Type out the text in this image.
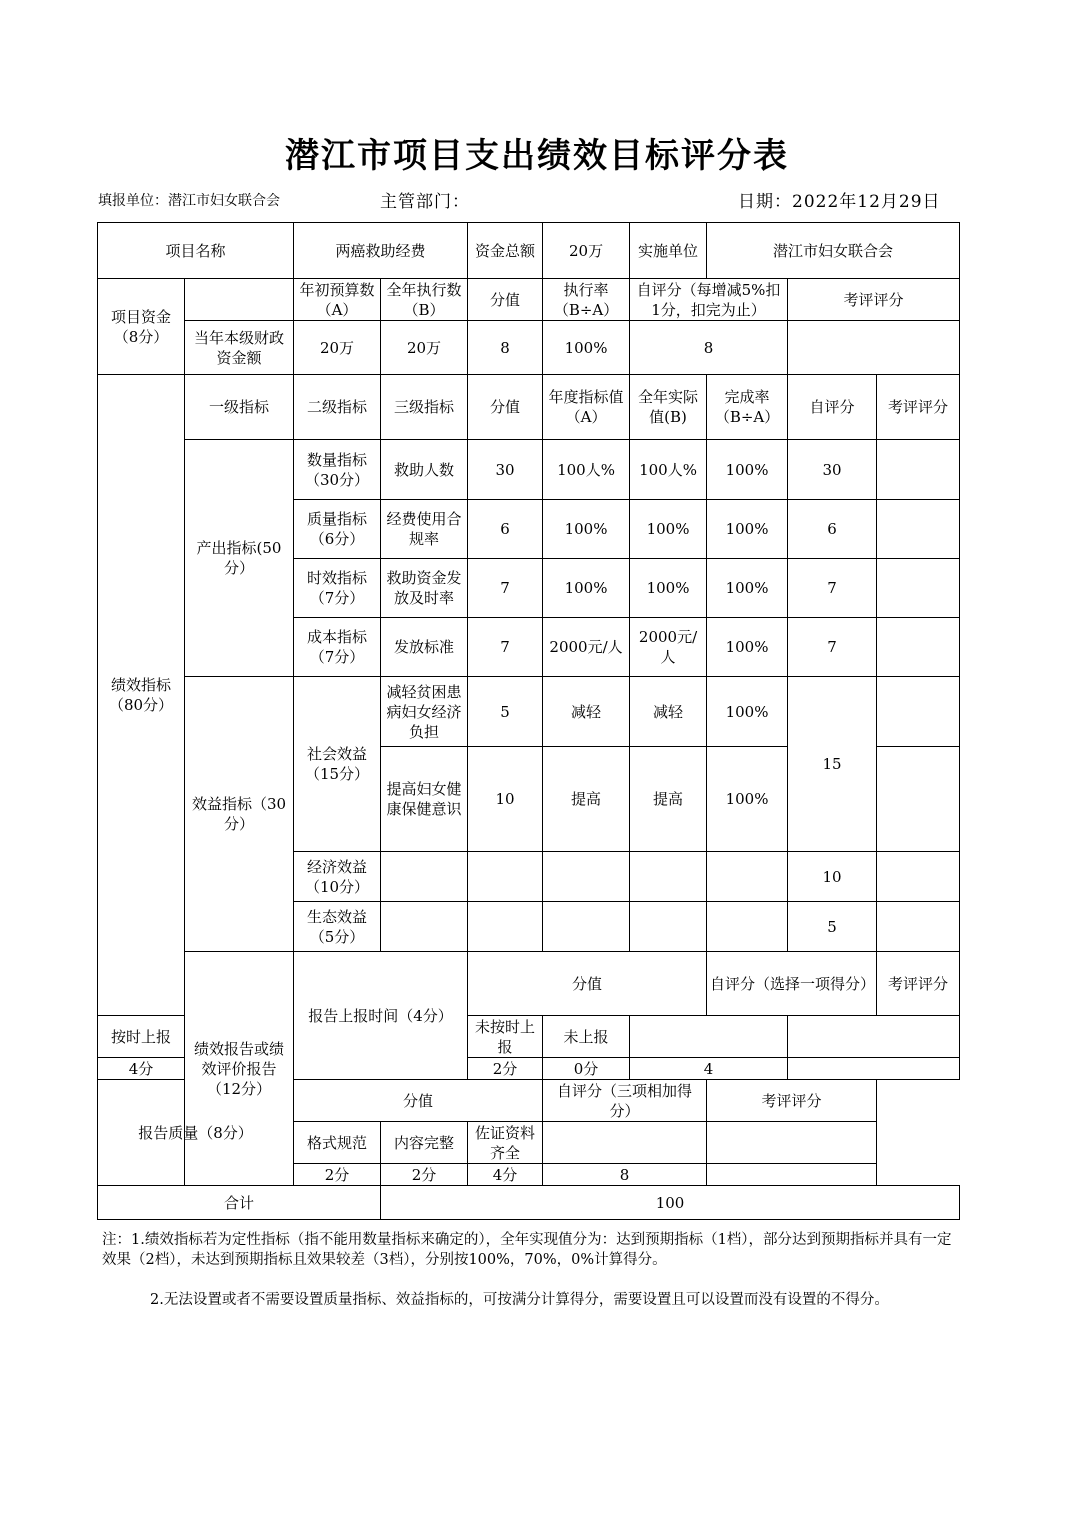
潜江市项目支出绩效目标评分表
填报单位：潜江市妇女联合会	主管部门：	日期：2022年12月29日
项目名称		两癌救助经费		资金总额	20万	实施单位	潜江市妇女联合会		
项目资金（8分）		年初预算数（A）	全年执行数（B）	分值	执行率（B÷A）	自评分（每增减5%扣1分，扣完为止）		考评评分	
	当年本级财政资金额	20万	20万	8	100%	8			
绩效指标（80分）	一级指标	二级指标	三级指标	分值	年度指标值（A）	全年实际值(B)	完成率（B÷A）	自评分	考评评分
	产出指标(50分）	数量指标（30分）	救助人数	30	100人%	100人%	100%	30	
		质量指标（6分）	经费使用合规率	6	100%	100%	100%	6	
		时效指标（7分）	救助资金发放及时率	7	100%	100%	100%	7	
		成本指标（7分）	发放标准	7	2000元/人	2000元/人	100%	7	
	效益指标（30分）	社会效益（15分）	减轻贫困患病妇女经济负担	5	减轻	减轻	100%	15	
			提高妇女健康保健意识	10	提高	提高	100%		
		经济效益（10分）						10	
		生态效益（5分）						5	
	绩效报告或绩效评价报告（12分）	报告上报时间（4分）		分值			自评分（选择一项得分）		考评评分
按时上报				未按时上报	未上报				
4分				2分	0分	4			
报告质量（8分）		分值			自评分（三项相加得分）		考评评分		
		格式规范	内容完整	佐证资料齐全					
		2分	2分	4分	8				
合计			100						
注：1.绩效指标若为定性指标（指不能用数量指标来确定的），全年实现值分为：达到预期指标（1档），部分达到预期指标并具有一定效果（2档），未达到预期指标且效果较差（3档），分别按100%，70%，0%计算得分。
2.无法设置或者不需要设置质量指标、效益指标的，可按满分计算得分，需要设置且可以设置而没有设置的不得分。
